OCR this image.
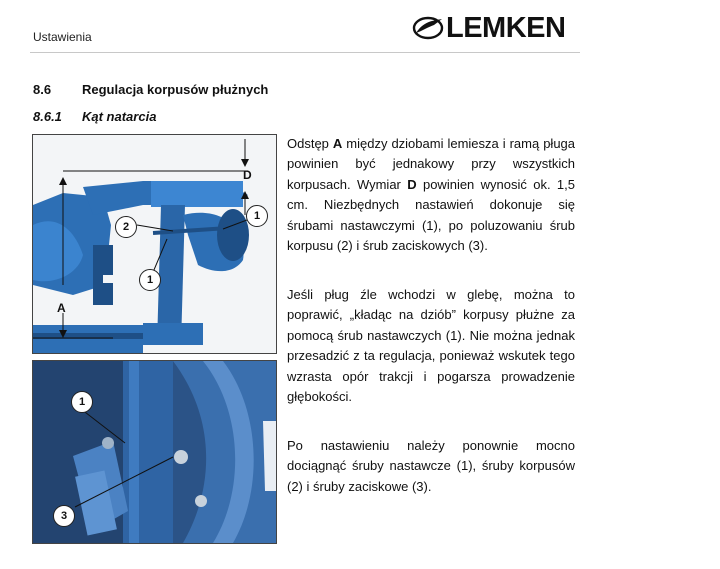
Ustawienia	LEMKEN
8.6 Regulacja korpusów płużnych
8.6.1 Kąt natarcia
2
1
1
D
A
1
3
Odstęp A między dziobami lemiesza i ramą pługa powinien być jednakowy przy wszystkich korpusach. Wymiar D powinien wynosić ok. 1,5 cm. Niezbędnych nastawień dokonuje się śrubami nastawczymi (1), po poluzowaniu śrub korpusu (2) i śrub zaciskowych (3).
Jeśli pług źle wchodzi w glebę, można to poprawić, „kładąc na dziób” korpusy płużne za pomocą śrub nastawczych (1). Nie można jednak przesadzić z ta regulacja, ponieważ wskutek tego wzrasta opór trakcji i pogarsza prowadzenie głębokości.
Po nastawieniu należy ponownie mocno dociągnąć śruby nastawcze (1), śruby korpusów (2) i śruby zaciskowe (3).
